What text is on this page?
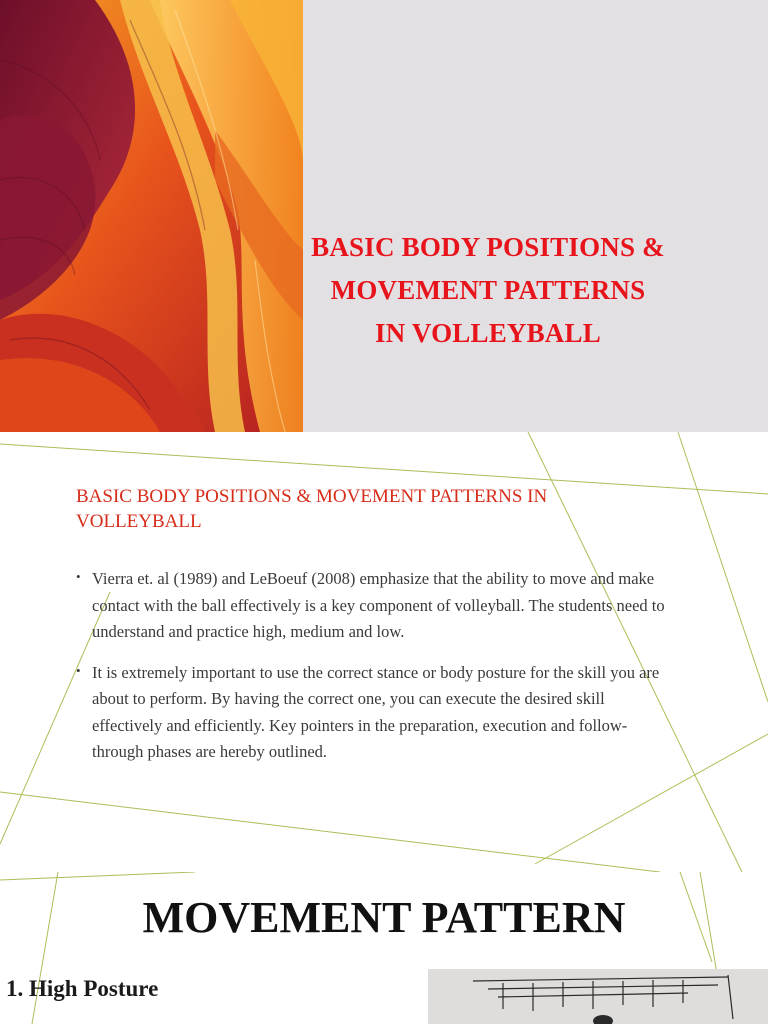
BASIC BODY POSITIONS &
MOVEMENT PATTERNS
IN VOLLEYBALL
BASIC BODY POSITIONS & MOVEMENT PATTERNS IN VOLLEYBALL
• Vierra et. al (1989) and LeBoeuf (2008) emphasize that the ability to move and make contact with the ball effectively is a key component of volleyball. The students need to understand and practice high, medium and low.
• It is extremely important to use the correct stance or body posture for the skill you are about to perform. By having the correct one, you can execute the desired skill effectively and efficiently. Key pointers in the preparation, execution and follow-through phases are hereby outlined.
MOVEMENT PATTERN
1. High Posture
